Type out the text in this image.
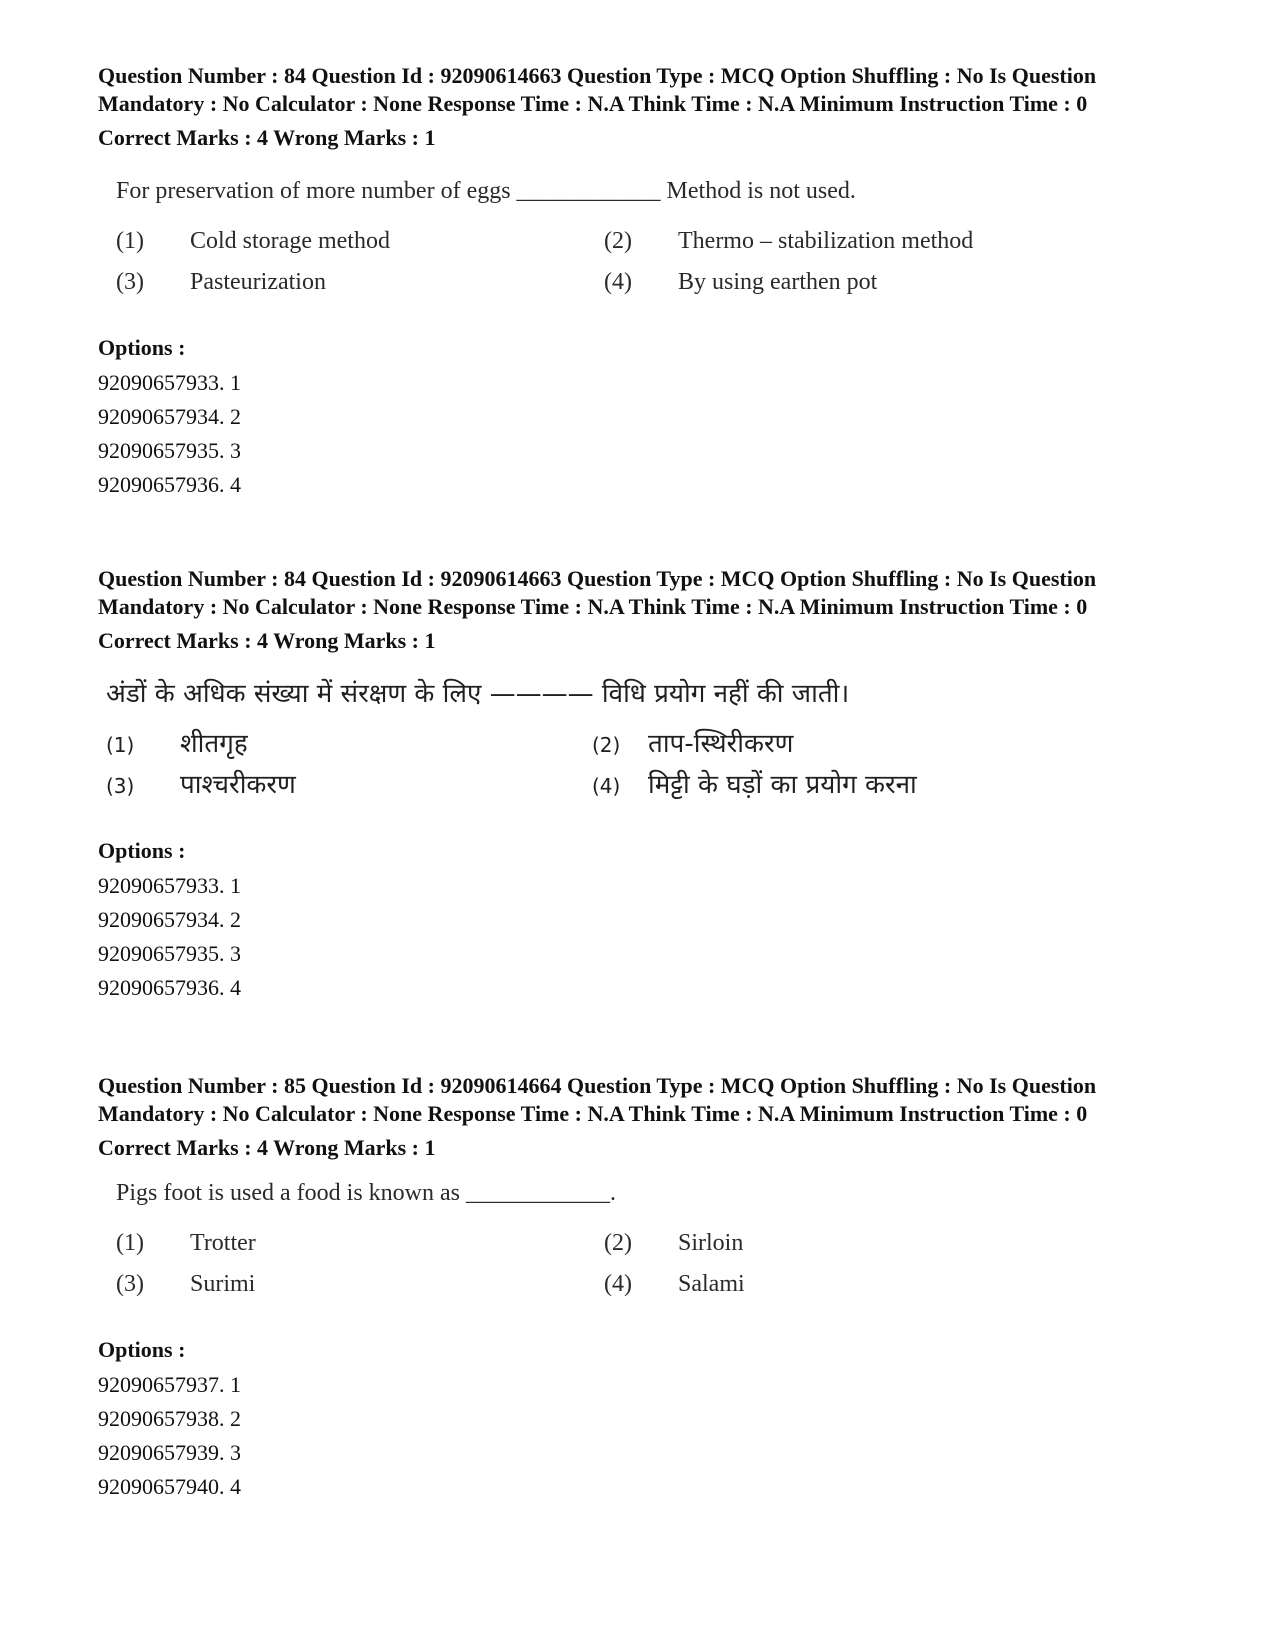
Question Number : 84 Question Id : 92090614663 Question Type : MCQ Option Shuffling : No Is Question Mandatory : No Calculator : None Response Time : N.A Think Time : N.A Minimum Instruction Time : 0

Correct Marks : 4 Wrong Marks : 1

For preservation of more number of eggs ____________ Method is not used.
(1) Cold storage method	(2) Thermo – stabilization method
(3) Pasteurization	(4) By using earthen pot
Options :
92090657933. 1
92090657934. 2
92090657935. 3
92090657936. 4

Question Number : 84 Question Id : 92090614663 Question Type : MCQ Option Shuffling : No Is Question Mandatory : No Calculator : None Response Time : N.A Think Time : N.A Minimum Instruction Time : 0

Correct Marks : 4 Wrong Marks : 1

अंडों के अधिक संख्या में संरक्षण के लिए ———— विधि प्रयोग नहीं की जाती।
(1) शीतगृह	(2) ताप-स्थिरीकरण
(3) पाश्चरीकरण	(4) मिट्टी के घड़ों का प्रयोग करना
Options :
92090657933. 1
92090657934. 2
92090657935. 3
92090657936. 4

Question Number : 85 Question Id : 92090614664 Question Type : MCQ Option Shuffling : No Is Question Mandatory : No Calculator : None Response Time : N.A Think Time : N.A Minimum Instruction Time : 0

Correct Marks : 4 Wrong Marks : 1

Pigs foot is used a food is known as ____________.
(1) Trotter	(2) Sirloin
(3) Surimi	(4) Salami
Options :
92090657937. 1
92090657938. 2
92090657939. 3
92090657940. 4
